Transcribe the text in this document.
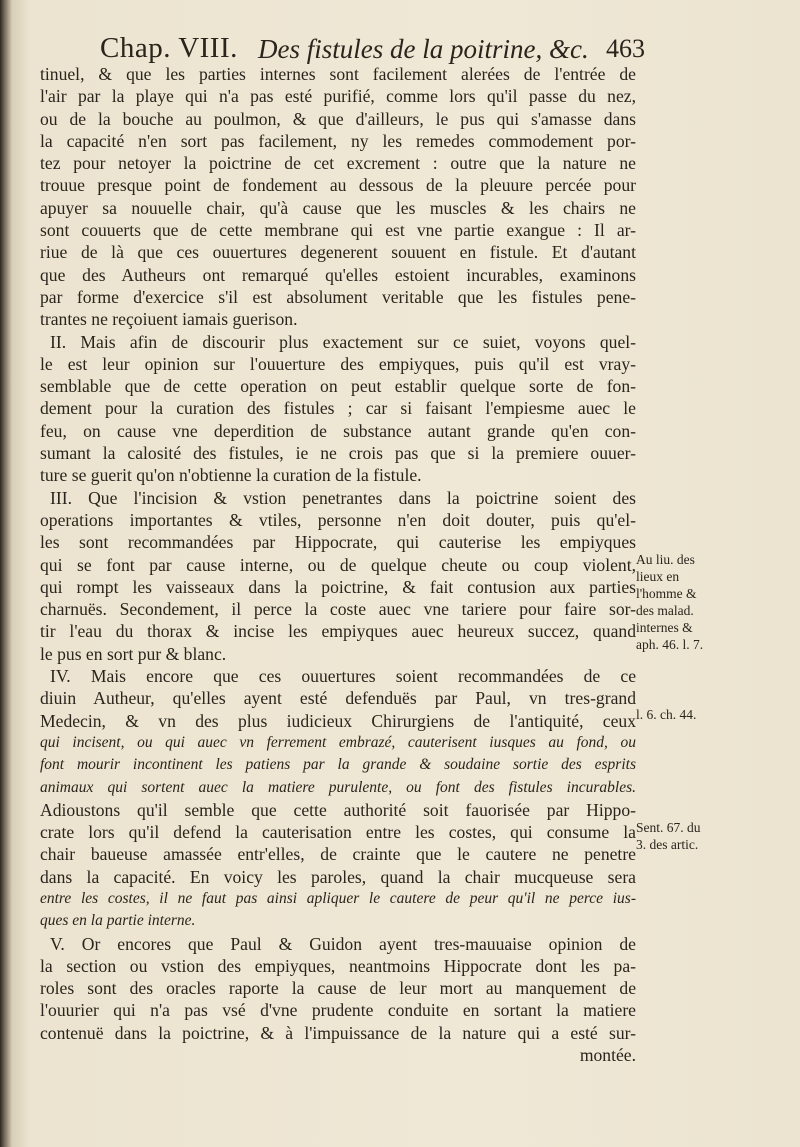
Chap. VIII. Des fistules de la poitrine, &c. 463
tinuel, & que les parties internes sont facilement alerées de l'entrée de
l'air par la playe qui n'a pas esté purifié, comme lors qu'il passe du nez,
ou de la bouche au poulmon, & que d'ailleurs, le pus qui s'amasse dans
la capacité n'en sort pas facilement, ny les remedes commodement por-
tez pour netoyer la poictrine de cet excrement : outre que la nature ne
trouue presque point de fondement au dessous de la pleuure percée pour
apuyer sa nouuelle chair, qu'à cause que les muscles & les chairs ne
sont couuerts que de cette membrane qui est vne partie exangue : Il ar-
riue de là que ces ouuertures degenerent souuent en fistule. Et d'autant
que des Autheurs ont remarqué qu'elles estoient incurables, examinons
par forme d'exercice s'il est absolument veritable que les fistules pene-
trantes ne reçoiuent iamais guerison.
II. Mais afin de discourir plus exactement sur ce suiet, voyons quel-
le est leur opinion sur l'ouuerture des empiyques, puis qu'il est vray-
semblable que de cette operation on peut establir quelque sorte de fon-
dement pour la curation des fistules ; car si faisant l'empiesme auec le
feu, on cause vne deperdition de substance autant grande qu'en con-
sumant la calosité des fistules, ie ne crois pas que si la premiere ouuer-
ture se guerit qu'on n'obtienne la curation de la fistule.
III. Que l'incision & vstion penetrantes dans la poictrine soient des
operations importantes & vtiles, personne n'en doit douter, puis qu'el-
les sont recommandées par Hippocrate, qui cauterise les empiyques
qui se font par cause interne, ou de quelque cheute ou coup violent,
qui rompt les vaisseaux dans la poictrine, & fait contusion aux parties
charnuës. Secondement, il perce la coste auec vne tariere pour faire sor-
tir l'eau du thorax & incise les empiyques auec heureux succez, quand
le pus en sort pur & blanc.
IV. Mais encore que ces ouuertures soient recommandées de ce
diuin Autheur, qu'elles ayent esté defenduës par Paul, vn tres-grand
Medecin, & vn des plus iudicieux Chirurgiens de l'antiquité, ceux
qui incisent, ou qui auec vn ferrement embrazé, cauterisent iusques au fond, ou
font mourir incontinent les patiens par la grande & soudaine sortie des esprits
animaux qui sortent auec la matiere purulente, ou font des fistules incurables.
Adioustons qu'il semble que cette authorité soit fauorisée par Hippo-
crate lors qu'il defend la cauterisation entre les costes, qui consume la
chair baueuse amassée entr'elles, de crainte que le cautere ne penetre
dans la capacité. En voicy les paroles, quand la chair mucqueuse sera
entre les costes, il ne faut pas ainsi apliquer le cautere de peur qu'il ne perce ius-
ques en la partie interne.
V. Or encores que Paul & Guidon ayent tres-mauuaise opinion de
la section ou vstion des empiyques, neantmoins Hippocrate dont les pa-
roles sont des oracles raporte la cause de leur mort au manquement de
l'ouurier qui n'a pas vsé d'vne prudente conduite en sortant la matiere
contenuë dans la poictrine, & à l'impuissance de la nature qui a esté sur-
montée.
Au liu. des
lieux en
l'homme &
des malad.
internes &
aph. 46. l. 7.
l. 6. ch. 44.
Sent. 67. du
3. des artic.
